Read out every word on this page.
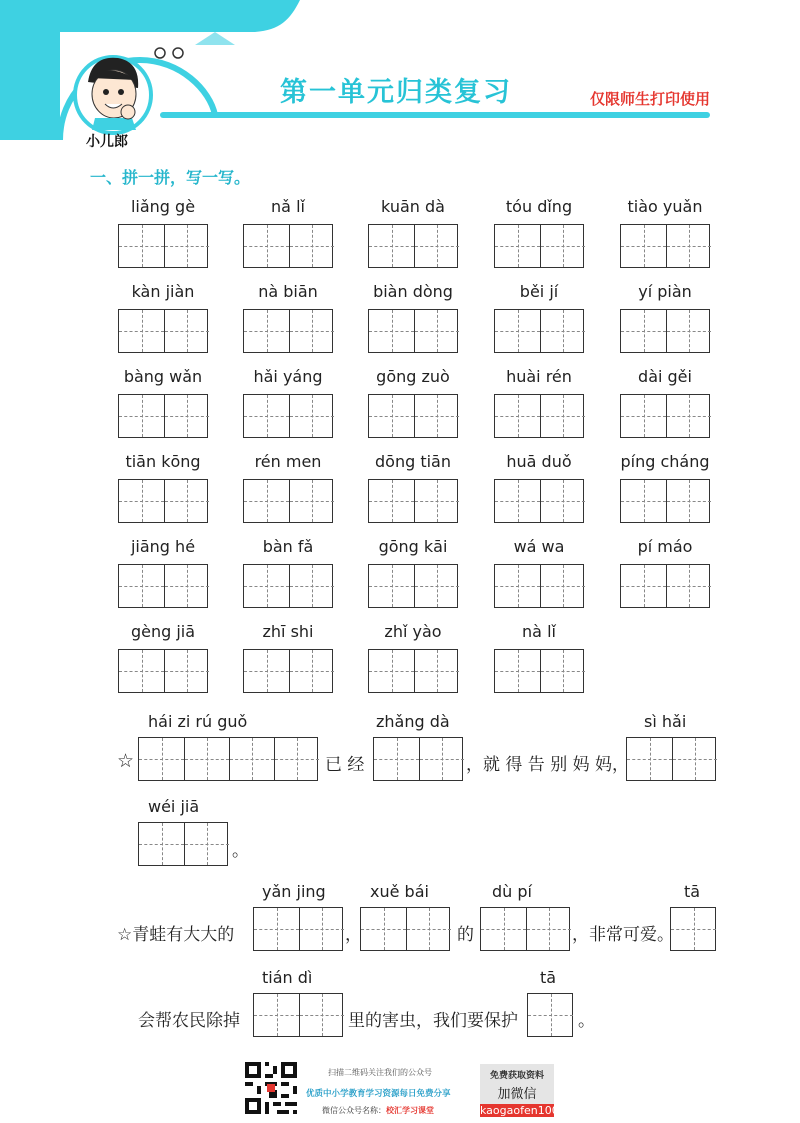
第一单元归类复习	仅限师生打印使用
小儿郎
一、拼一拼，写一写。
liǎng gè	nǎ lǐ	kuān dà	tóu dǐng	tiào yuǎn
kàn jiàn	nà biān	biàn dòng	běi jí	yí piàn
bàng wǎn	hǎi yáng	gōng zuò	huài rén	dài gěi
tiān kōng	rén men	dōng tiān	huā duǒ	píng cháng
jiāng hé	bàn fǎ	gōng kāi	wá wa	pí máo
gèng jiā	zhī shi	zhǐ yào	nà lǐ
hái zi rú guǒ	zhǎng dà	sì hǎi
☆	已 经	，就 得 告 别 妈 妈，
wéi jiā
。
yǎn jing	xuě bái	dù pí	tā
☆青蛙有大大的	，	的	，非常可爱。
tián dì	tā
会帮农民除掉	里的害虫，我们要保护	。
扫描二维码关注我们的公众号
优质中小学教育学习资源每日免费分享
微信公众号名称：校汇学习课堂
免费获取资料
加微信
kaogaofen100
